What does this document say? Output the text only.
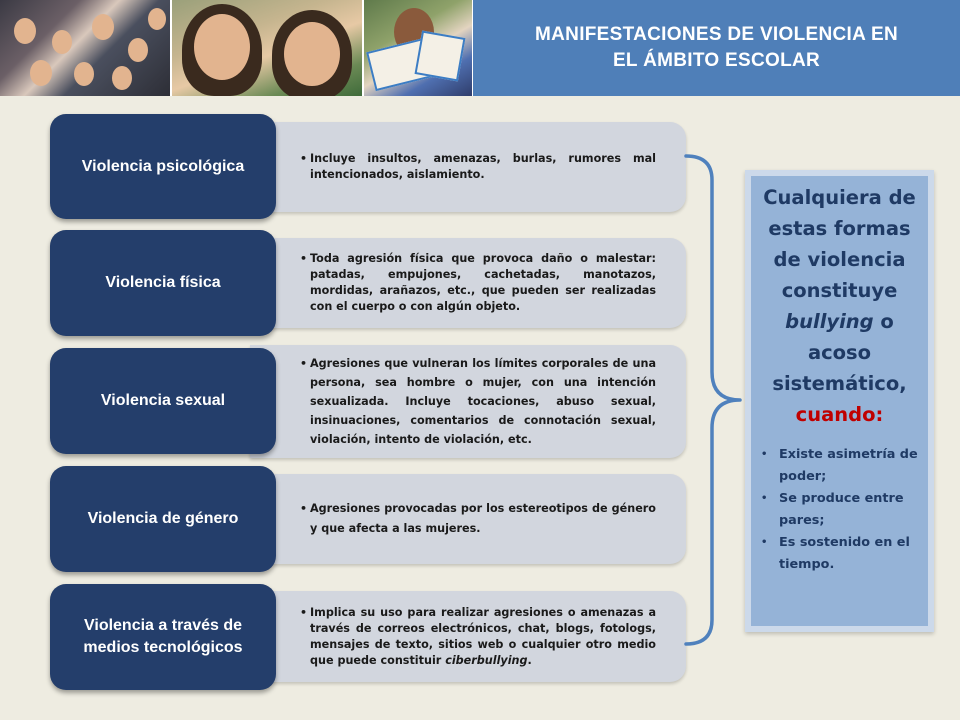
MANIFESTACIONES DE VIOLENCIA EN
EL ÁMBITO ESCOLAR
• Incluye insultos, amenazas, burlas, rumores mal intencionados, aislamiento.
Violencia psicológica
• Toda agresión física que provoca daño o malestar: patadas, empujones, cachetadas, manotazos, mordidas, arañazos, etc., que pueden ser realizadas con el cuerpo o con algún objeto.
Violencia física
• Agresiones que vulneran los límites corporales de una persona, sea hombre o mujer, con una intención sexualizada. Incluye tocaciones, abuso sexual, insinuaciones, comentarios de connotación sexual, violación, intento de violación, etc.
Violencia sexual
• Agresiones provocadas por los estereotipos de género y que afecta a las mujeres.
Violencia de género
• Implica su uso para realizar agresiones o amenazas a través de correos electrónicos, chat, blogs, fotologs, mensajes de texto, sitios web o cualquier otro medio que puede constituir ciberbullying.
Violencia a través de
medios tecnológicos
Cualquiera de estas formas de violencia constituye bullying o acoso sistemático, cuando:
• Existe asimetría de poder;
• Se produce entre pares;
• Es sostenido en el tiempo.
